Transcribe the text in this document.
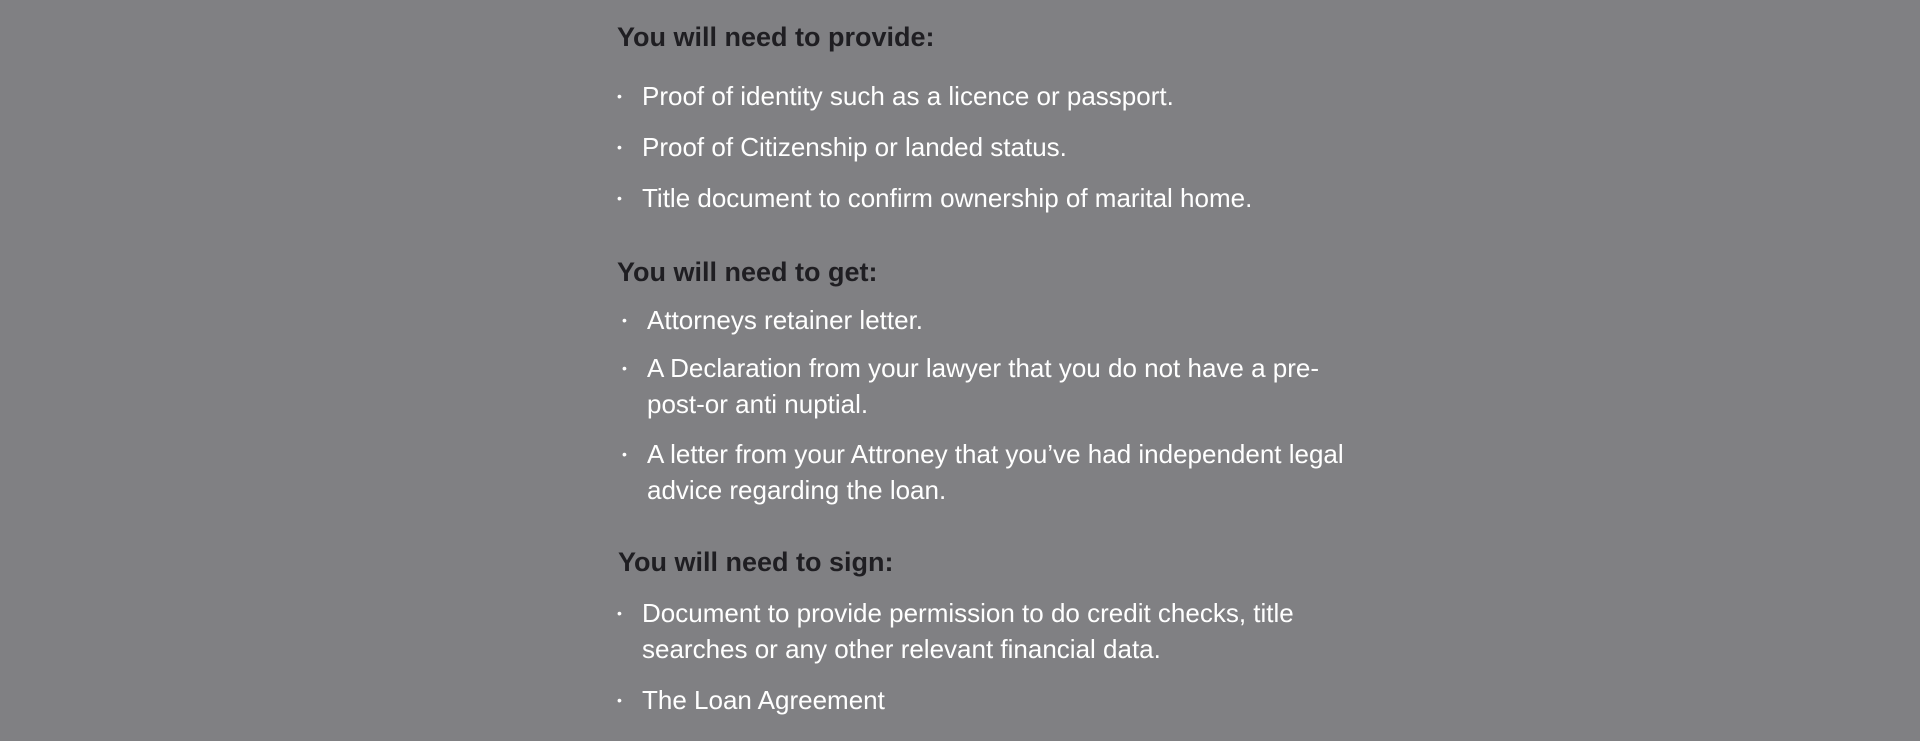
You will need to provide:
• Proof of identity such as a licence or passport.
• Proof of Citizenship or landed status.
• Title document to confirm ownership of marital home.
You will need to get:
• Attorneys retainer letter.
• A Declaration from your lawyer that you do not have a pre-post-or anti nuptial.
• A letter from your Attroney that you’ve had independent legal advice regarding the loan.
You will need to sign:
• Document to provide permission to do credit checks, title searches or any other relevant financial data.
• The Loan Agreement
